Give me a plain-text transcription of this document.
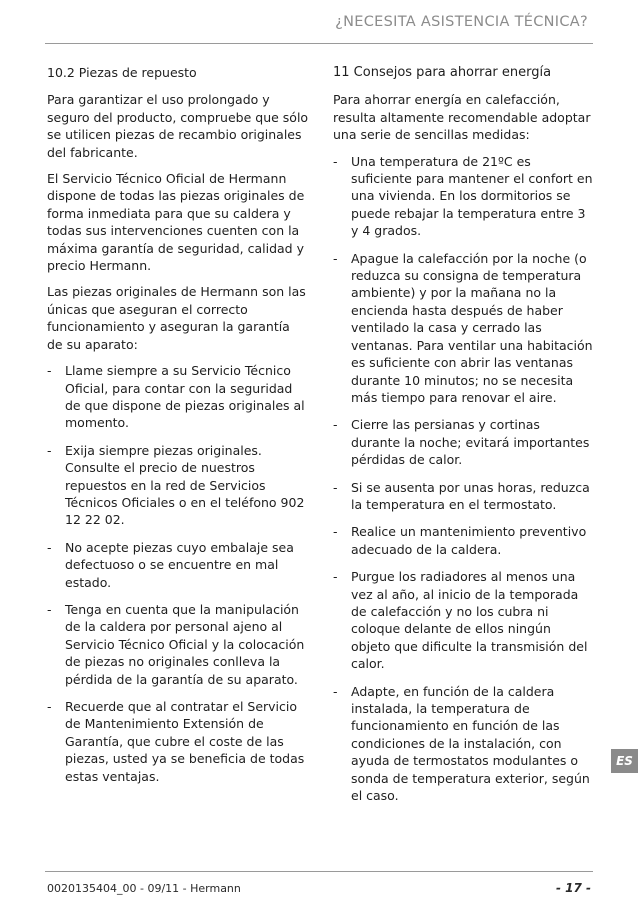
¿NECESITA ASISTENCIA TÉCNICA?
10.2 Piezas de repuesto

Para garantizar el uso prolongado y seguro del producto, compruebe que sólo se utilicen piezas de recambio originales del fabricante.

El Servicio Técnico Oficial de Hermann dispone de todas las piezas originales de forma inmediata para que su caldera y todas sus intervenciones cuenten con la máxima garantía de seguridad, calidad y precio Hermann.

Las piezas originales de Hermann son las únicas que aseguran el correcto funcionamiento y aseguran la garantía de su aparato:

- Llame siempre a su Servicio Técnico Oficial, para contar con la seguridad de que dispone de piezas originales al momento.
- Exija siempre piezas originales. Consulte el precio de nuestros repuestos en la red de Servicios Técnicos Oficiales o en el teléfono 902 12 22 02.
- No acepte piezas cuyo embalaje sea defectuoso o se encuentre en mal estado.
- Tenga en cuenta que la manipulación de la caldera por personal ajeno al Servicio Técnico Oficial y la colocación de piezas no originales conlleva la pérdida de la garantía de su aparato.
- Recuerde que al contratar el Servicio de Mantenimiento Extensión de Garantía, que cubre el coste de las piezas, usted ya se beneficia de todas estas ventajas.
11 Consejos para ahorrar energía

Para ahorrar energía en calefacción, resulta altamente recomendable adoptar una serie de sencillas medidas:

- Una temperatura de 21ºC es suficiente para mantener el confort en una vivienda. En los dormitorios se puede rebajar la temperatura entre 3 y 4 grados.
- Apague la calefacción por la noche (o reduzca su consigna de temperatura ambiente) y por la mañana no la encienda hasta después de haber ventilado la casa y cerrado las ventanas. Para ventilar una habitación es suficiente con abrir las ventanas durante 10 minutos; no se necesita más tiempo para renovar el aire.
- Cierre las persianas y cortinas durante la noche; evitará importantes pérdidas de calor.
- Si se ausenta por unas horas, reduzca la temperatura en el termostato.
- Realice un mantenimiento preventivo adecuado de la caldera.
- Purgue los radiadores al menos una vez al año, al inicio de la temporada de calefacción y no los cubra ni coloque delante de ellos ningún objeto que dificulte la transmisión del calor.
- Adapte, en función de la caldera instalada, la temperatura de funcionamiento en función de las condiciones de la instalación, con ayuda de termostatos modulantes o sonda de temperatura exterior, según el caso.
ES
0020135404_00 - 09/11 - Hermann	- 17 -
